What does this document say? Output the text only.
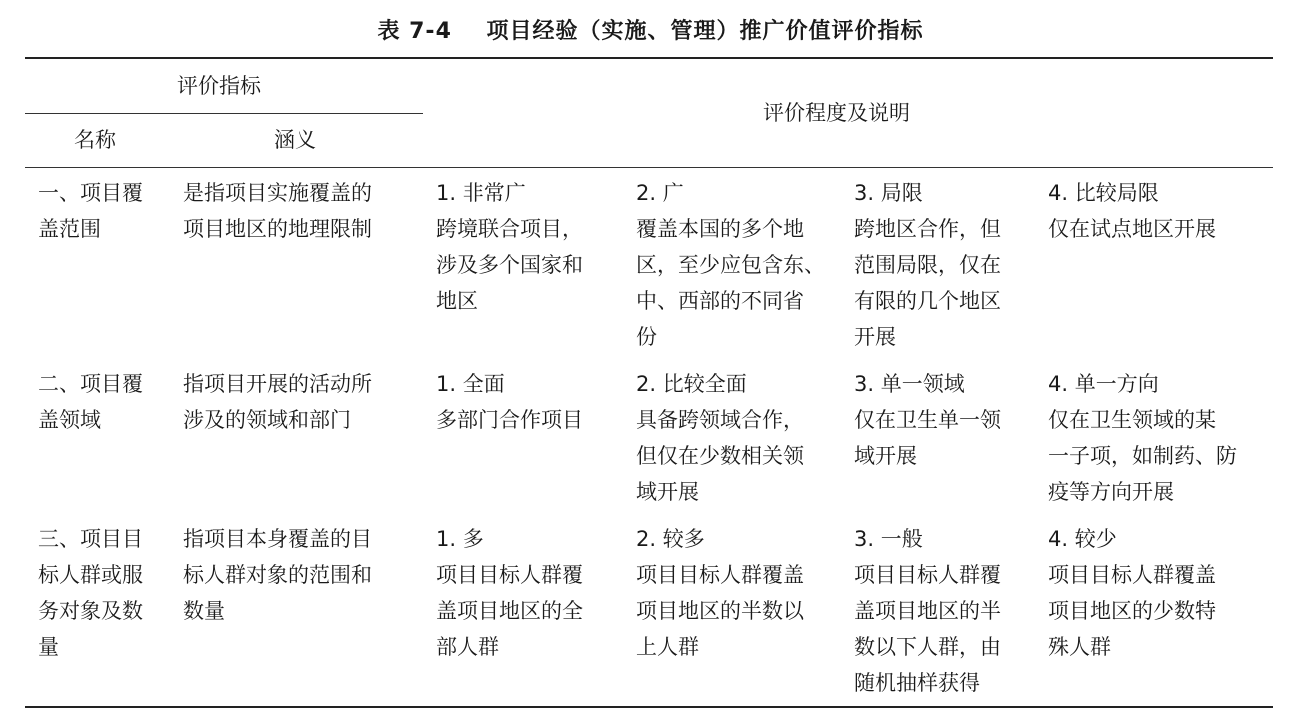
表 7-4    项目经验（实施、管理）推广价值评价指标
评价指标
名称	涵义
评价程度及说明
一、项目覆
盖范围
是指项目实施覆盖的
项目地区的地理限制
1. 非常广
跨境联合项目，
涉及多个国家和
地区
2. 广
覆盖本国的多个地
区，至少应包含东、
中、西部的不同省
份
3. 局限
跨地区合作，但
范围局限，仅在
有限的几个地区
开展
4. 比较局限
仅在试点地区开展
二、项目覆
盖领域
指项目开展的活动所
涉及的领域和部门
1. 全面
多部门合作项目
2. 比较全面
具备跨领域合作，
但仅在少数相关领
域开展
3. 单一领域
仅在卫生单一领
域开展
4. 单一方向
仅在卫生领域的某
一子项，如制药、防
疫等方向开展
三、项目目
标人群或服
务对象及数
量
指项目本身覆盖的目
标人群对象的范围和
数量
1. 多
项目目标人群覆
盖项目地区的全
部人群
2. 较多
项目目标人群覆盖
项目地区的半数以
上人群
3. 一般
项目目标人群覆
盖项目地区的半
数以下人群，由
随机抽样获得
4. 较少
项目目标人群覆盖
项目地区的少数特
殊人群
